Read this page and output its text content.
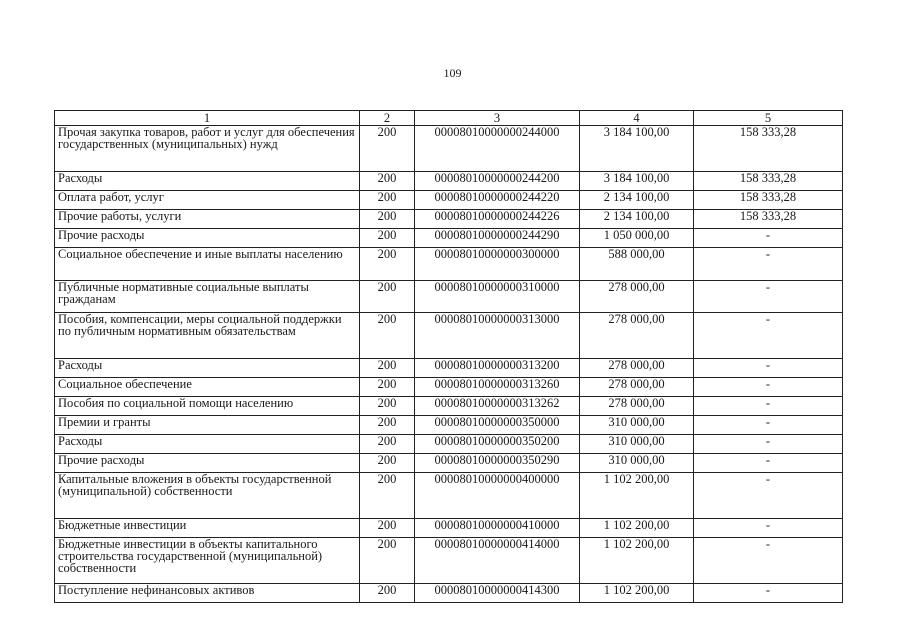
109
1	2	3	4	5
Прочая закупка товаров, работ и услуг для обеспечения государственных (муниципальных) нужд	200	00008010000000244000	3 184 100,00	158 333,28
Расходы	200	00008010000000244200	3 184 100,00	158 333,28
Оплата работ, услуг	200	00008010000000244220	2 134 100,00	158 333,28
Прочие работы, услуги	200	00008010000000244226	2 134 100,00	158 333,28
Прочие расходы	200	00008010000000244290	1 050 000,00	-
Социальное обеспечение и иные выплаты населению	200	00008010000000300000	588 000,00	-
Публичные нормативные социальные выплаты гражданам	200	00008010000000310000	278 000,00	-
Пособия, компенсации, меры социальной поддержки по публичным нормативным обязательствам	200	00008010000000313000	278 000,00	-
Расходы	200	00008010000000313200	278 000,00	-
Социальное обеспечение	200	00008010000000313260	278 000,00	-
Пособия по социальной помощи населению	200	00008010000000313262	278 000,00	-
Премии и гранты	200	00008010000000350000	310 000,00	-
Расходы	200	00008010000000350200	310 000,00	-
Прочие расходы	200	00008010000000350290	310 000,00	-
Капитальные вложения в объекты государственной (муниципальной) собственности	200	00008010000000400000	1 102 200,00	-
Бюджетные инвестиции	200	00008010000000410000	1 102 200,00	-
Бюджетные инвестиции в объекты капитального строительства государственной (муниципальной) собственности	200	00008010000000414000	1 102 200,00	-
Поступление нефинансовых активов	200	00008010000000414300	1 102 200,00	-
